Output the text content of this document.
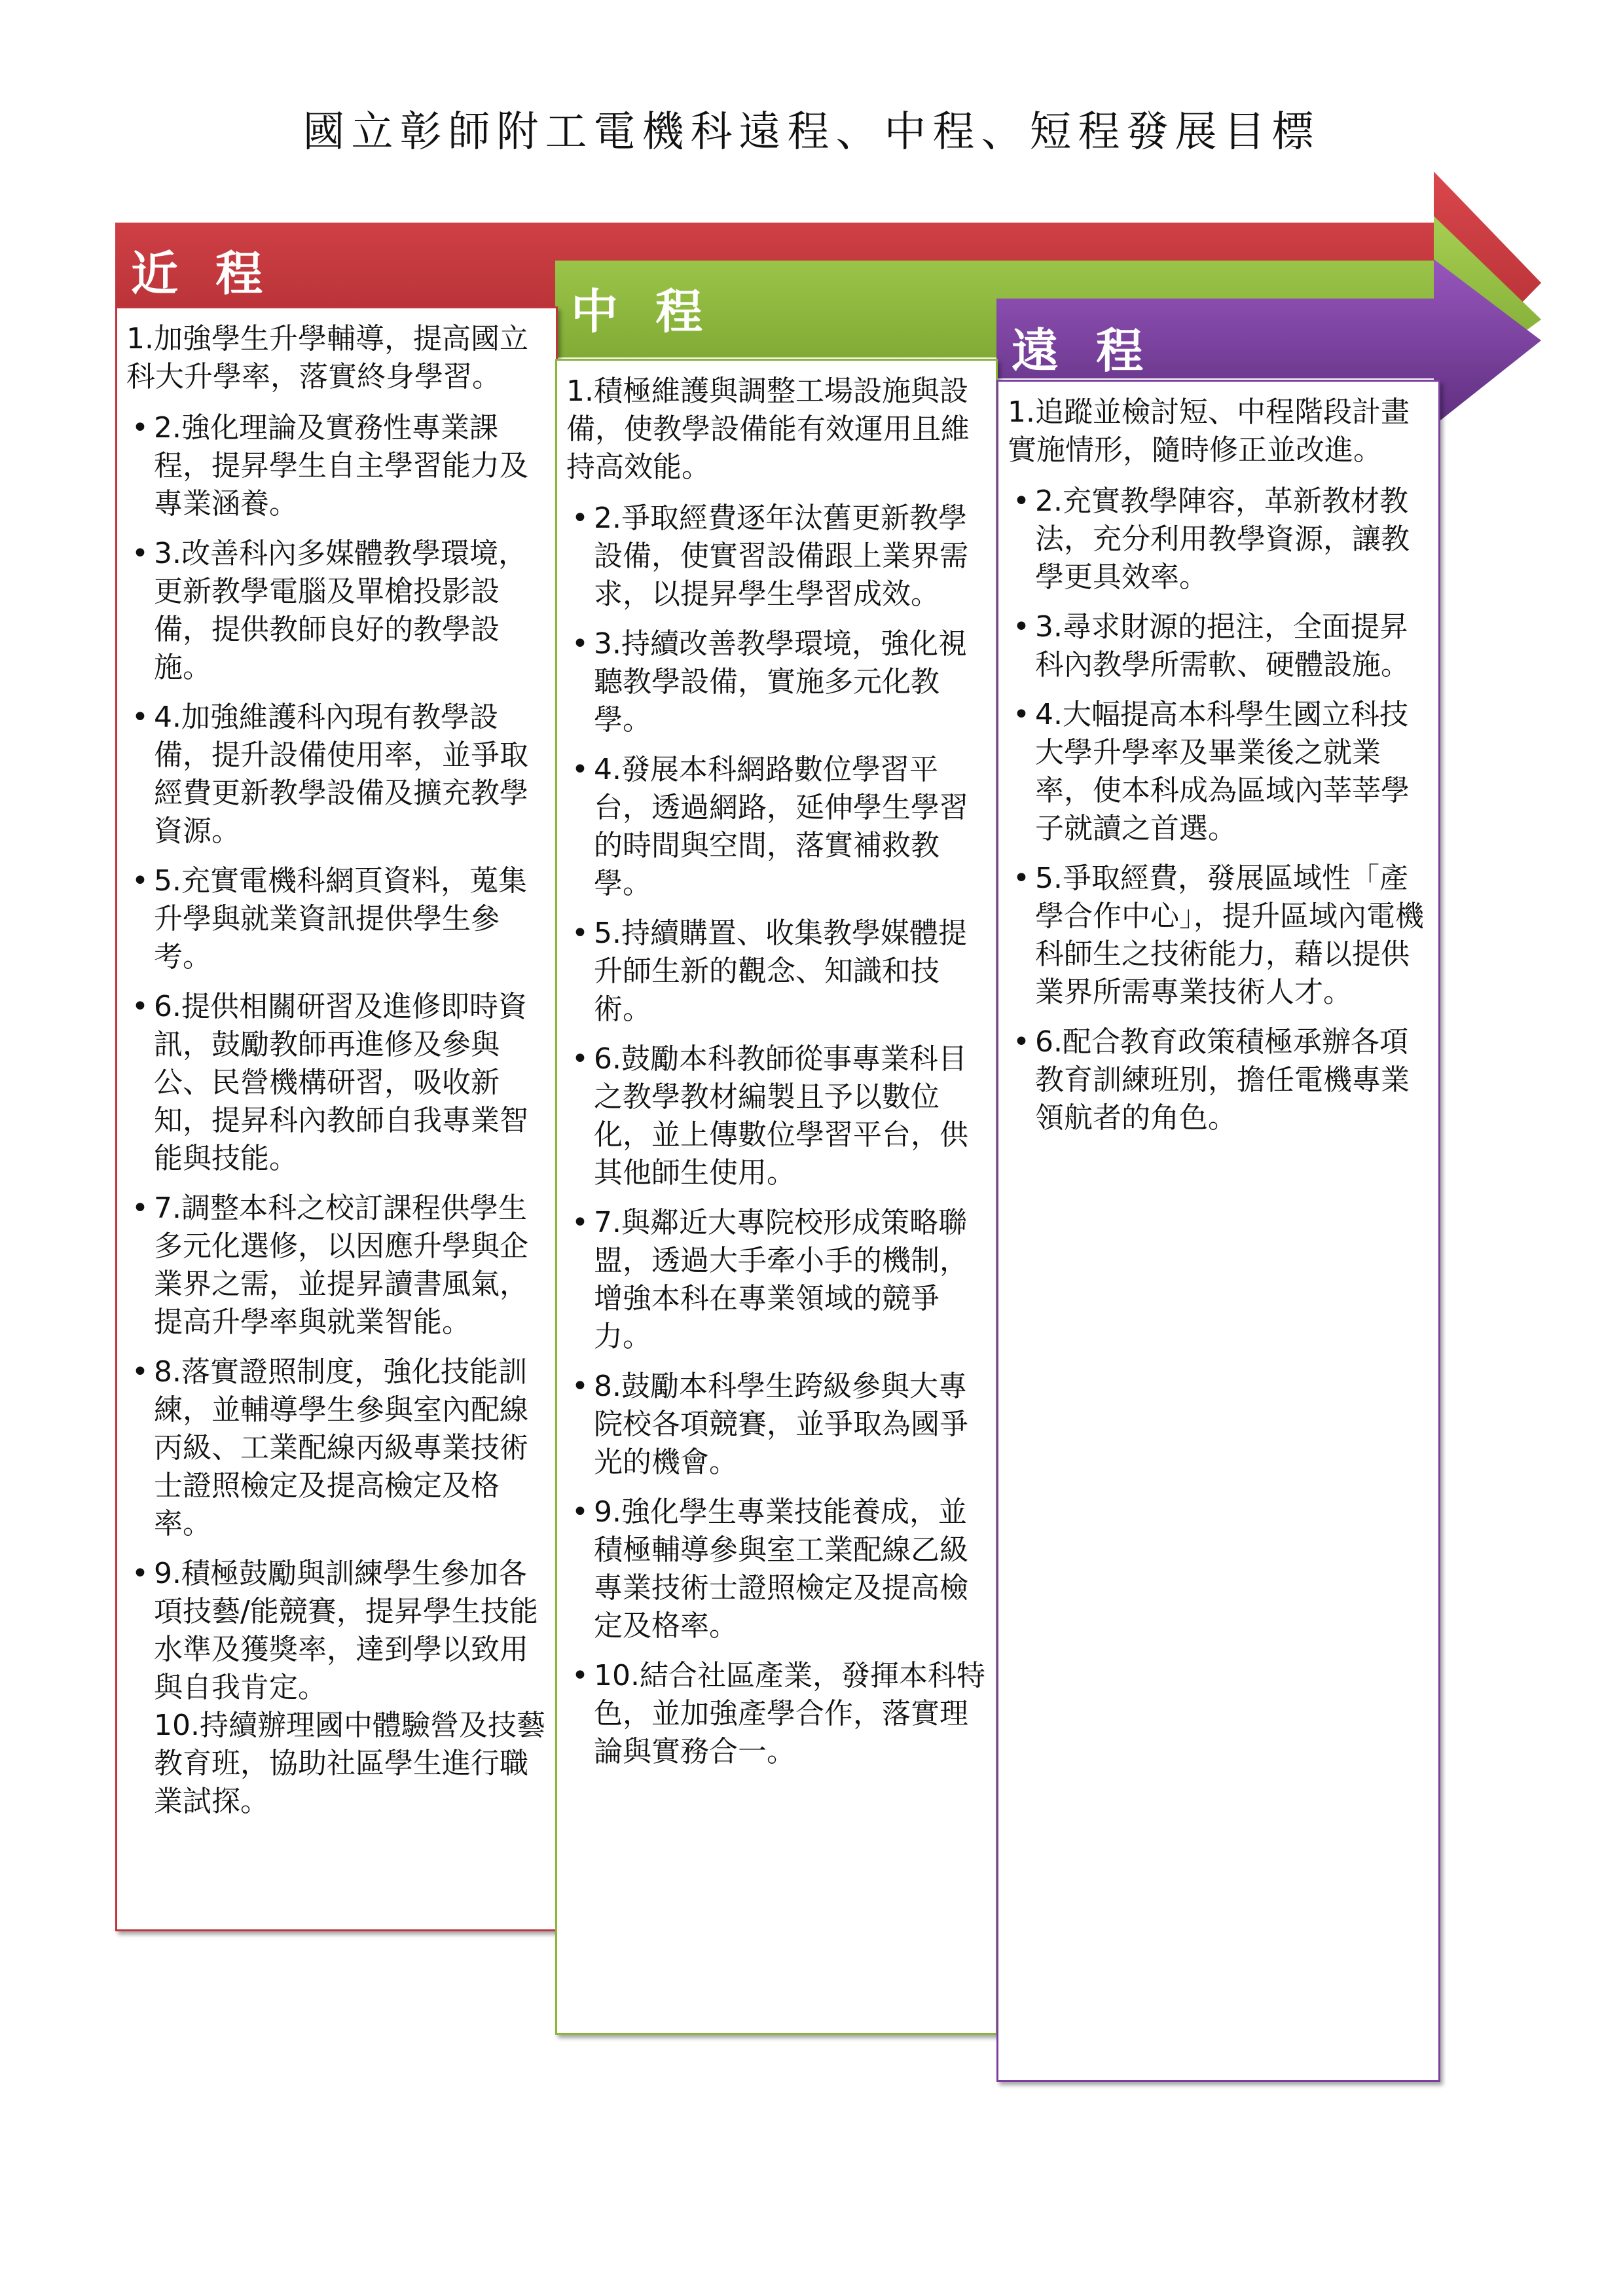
國立彰師附工電機科遠程、中程、短程發展目標
近 程
中 程
遠 程

1.加強學生升學輔導，提高國立科大升學率，落實終身學習。

• 2.強化理論及實務性專業課程，提昇學生自主學習能力及專業涵養。
• 3.改善科內多媒體教學環境，更新教學電腦及單槍投影設備，提供教師良好的教學設施。
• 4.加強維護科內現有教學設備，提升設備使用率，並爭取經費更新教學設備及擴充教學資源。
• 5.充實電機科網頁資料，蒐集升學與就業資訊提供學生參考。
• 6.提供相關研習及進修即時資訊，鼓勵教師再進修及參與公、民營機構研習，吸收新知，提昇科內教師自我專業智能與技能。
• 7.調整本科之校訂課程供學生多元化選修，以因應升學與企業界之需，並提昇讀書風氣，提高升學率與就業智能。
• 8.落實證照制度，強化技能訓練，並輔導學生參與室內配線丙級、工業配線丙級專業技術士證照檢定及提高檢定及格率。
• 9.積極鼓勵與訓練學生參加各項技藝/能競賽，提昇學生技能水準及獲獎率，達到學以致用與自我肯定。
10.持續辦理國中體驗營及技藝教育班，協助社區學生進行職業試探。

1.積極維護與調整工場設施與設備，使教學設備能有效運用且維持高效能。

• 2.爭取經費逐年汰舊更新教學設備，使實習設備跟上業界需求，以提昇學生學習成效。
• 3.持續改善教學環境，強化視聽教學設備，實施多元化教學。
• 4.發展本科網路數位學習平台，透過網路，延伸學生學習的時間與空間，落實補救教學。
• 5.持續購置、收集教學媒體提升師生新的觀念、知識和技術。
• 6.鼓勵本科教師從事專業科目之教學教材編製且予以數位化，並上傳數位學習平台，供其他師生使用。
• 7.與鄰近大專院校形成策略聯盟，透過大手牽小手的機制，增強本科在專業領域的競爭力。
• 8.鼓勵本科學生跨級參與大專院校各項競賽，並爭取為國爭光的機會。
• 9.強化學生專業技能養成，並積極輔導參與室工業配線乙級專業技術士證照檢定及提高檢定及格率。
• 10.結合社區產業，發揮本科特色，並加強產學合作，落實理論與實務合一。

1.追蹤並檢討短、中程階段計畫實施情形，隨時修正並改進。

• 2.充實教學陣容，革新教材教法，充分利用教學資源，讓教學更具效率。
• 3.尋求財源的挹注，全面提昇科內教學所需軟、硬體設施。
• 4.大幅提高本科學生國立科技大學升學率及畢業後之就業率，使本科成為區域內莘莘學子就讀之首選。
• 5.爭取經費，發展區域性「產學合作中心」，提升區域內電機科師生之技術能力，藉以提供業界所需專業技術人才。
• 6.配合教育政策積極承辦各項教育訓練班別，擔任電機專業領航者的角色。
